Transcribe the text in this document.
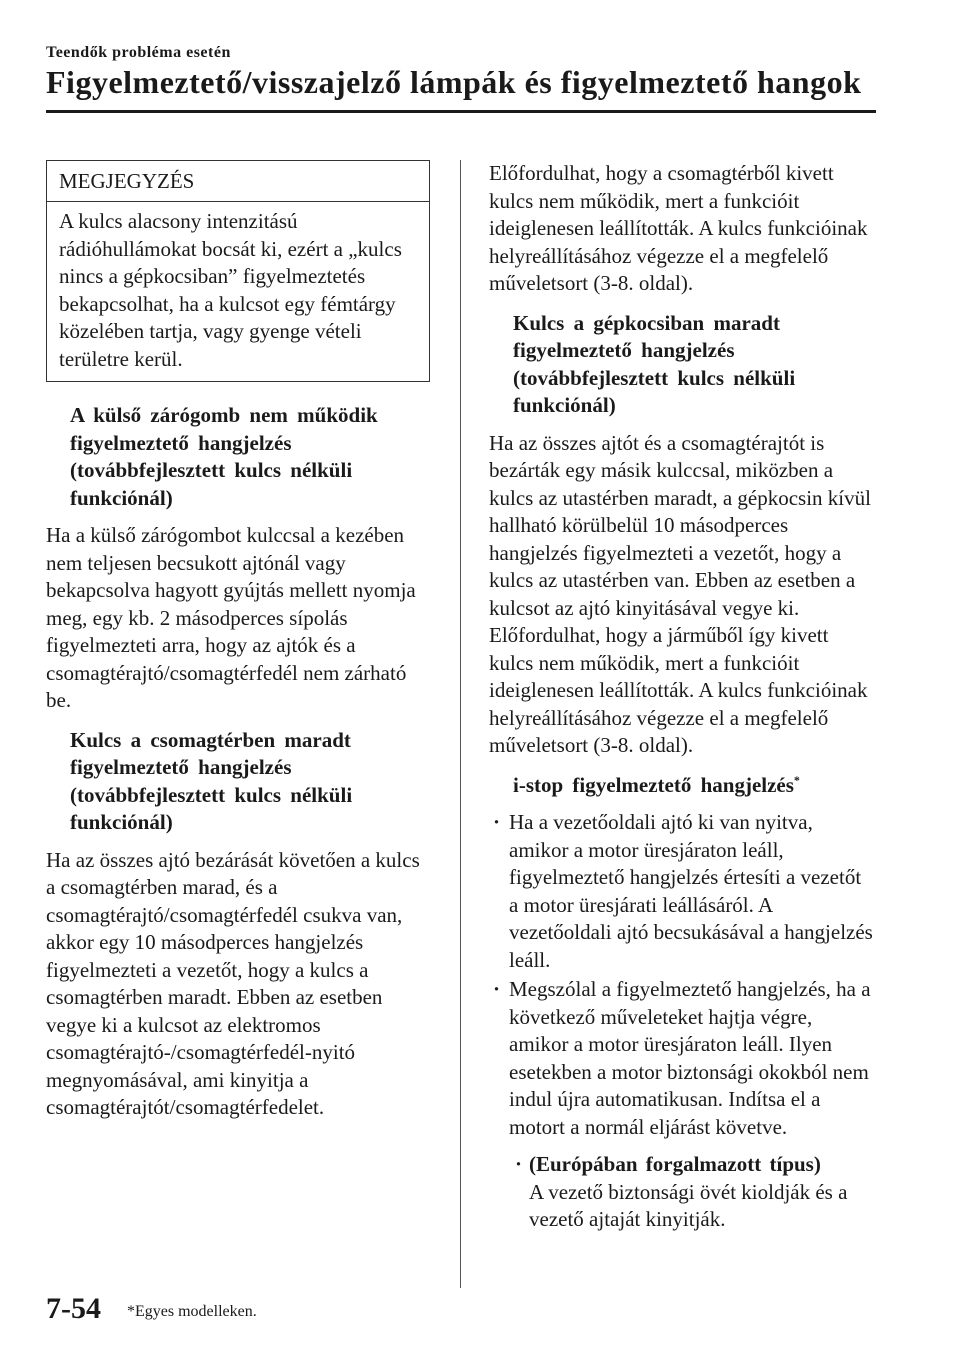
Teendők probléma esetén
Figyelmeztető/visszajelző lámpák és figyelmeztető hangok
MEGJEGYZÉS
A kulcs alacsony intenzitású rádióhullámokat bocsát ki, ezért a „kulcs nincs a gépkocsiban” figyelmeztetés bekapcsolhat, ha a kulcsot egy fémtárgy közelében tartja, vagy gyenge vételi területre kerül.
A külső zárógomb nem működik figyelmeztető hangjelzés (továbbfejlesztett kulcs nélküli funkciónál)

Ha a külső zárógombot kulccsal a kezében nem teljesen becsukott ajtónál vagy bekapcsolva hagyott gyújtás mellett nyomja meg, egy kb. 2 másodperces sípolás figyelmezteti arra, hogy az ajtók és a csomagtérajtó/csomagtérfedél nem zárható be.

Kulcs a csomagtérben maradt figyelmeztető hangjelzés (továbbfejlesztett kulcs nélküli funkciónál)

Ha az összes ajtó bezárását követően a kulcs a csomagtérben marad, és a csomagtérajtó/csomagtérfedél csukva van, akkor egy 10 másodperces hangjelzés figyelmezteti a vezetőt, hogy a kulcs a csomagtérben maradt. Ebben az esetben vegye ki a kulcsot az elektromos csomagtérajtó-/csomagtérfedél-nyitó megnyomásával, ami kinyitja a csomagtérajtót/csomagtérfedelet.

Előfordulhat, hogy a csomagtérből kivett kulcs nem működik, mert a funkcióit ideiglenesen leállították. A kulcs funkcióinak helyreállításához végezze el a megfelelő műveletsort (3-8. oldal).

Kulcs a gépkocsiban maradt figyelmeztető hangjelzés (továbbfejlesztett kulcs nélküli funkciónál)

Ha az összes ajtót és a csomagtérajtót is bezárták egy másik kulccsal, miközben a kulcs az utastérben maradt, a gépkocsin kívül hallható körülbelül 10 másodperces hangjelzés figyelmezteti a vezetőt, hogy a kulcs az utastérben van. Ebben az esetben a kulcsot az ajtó kinyitásával vegye ki. Előfordulhat, hogy a járműből így kivett kulcs nem működik, mert a funkcióit ideiglenesen leállították. A kulcs funkcióinak helyreállításához végezze el a megfelelő műveletsort (3-8. oldal).

i-stop figyelmeztető hangjelzés*
· Ha a vezetőoldali ajtó ki van nyitva, amikor a motor üresjáraton leáll, figyelmeztető hangjelzés értesíti a vezetőt a motor üresjárati leállásáról. A vezetőoldali ajtó becsukásával a hangjelzés leáll.
· Megszólal a figyelmeztető hangjelzés, ha a következő műveleteket hajtja végre, amikor a motor üresjáraton leáll. Ilyen esetekben a motor biztonsági okokból nem indul újra automatikusan. Indítsa el a motort a normál eljárást követve.
· (Európában forgalmazott típus)
A vezető biztonsági övét kioldják és a vezető ajtaját kinyitják.
7-54 *Egyes modelleken.
